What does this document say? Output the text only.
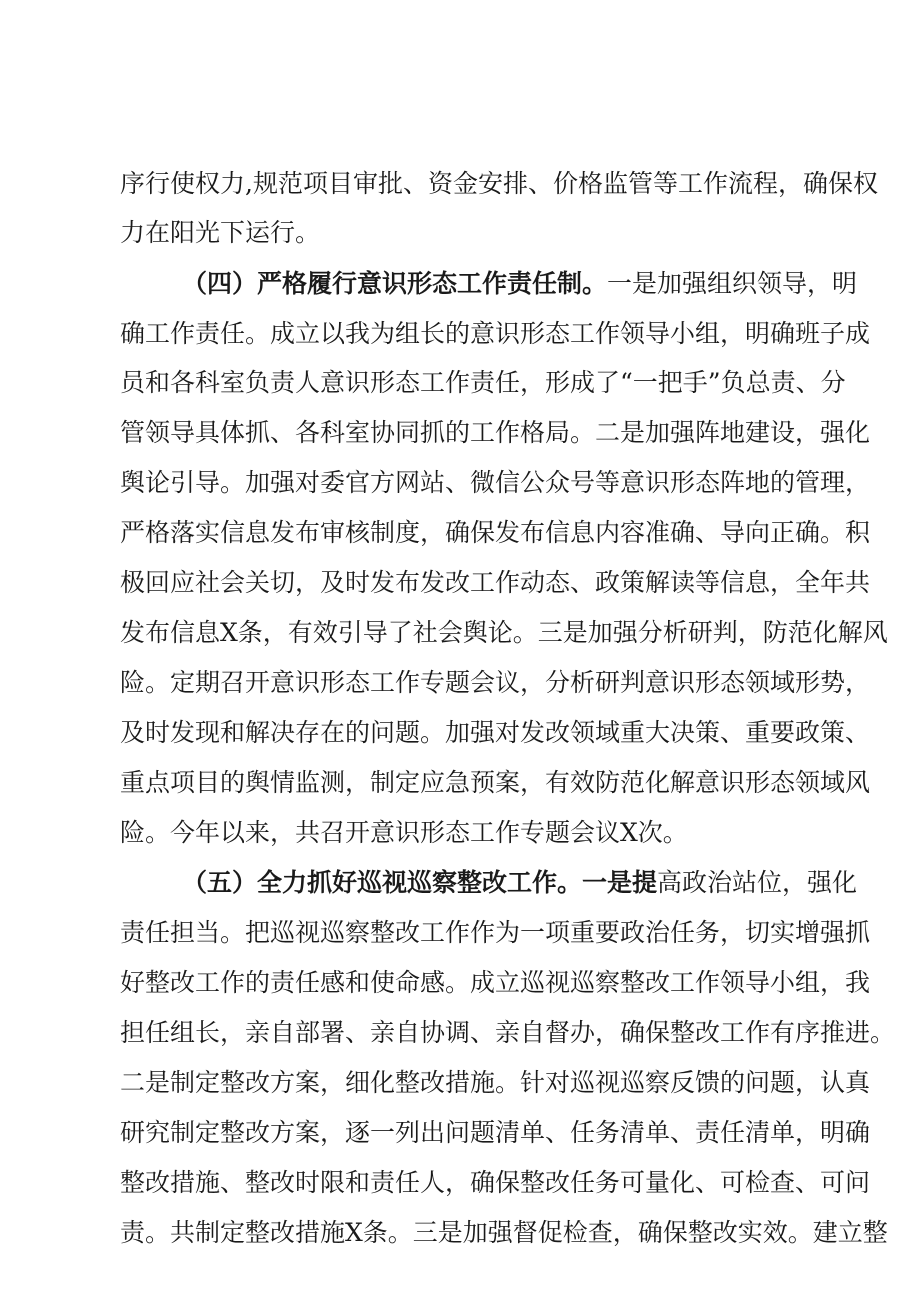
序行使权力,规范项目审批、资金安排、价格监管等工作流程，确保权
力在阳光下运行。
（四）严格履行意识形态工作责任制。一是加强组织领导，明
确工作责任。成立以我为组长的意识形态工作领导小组，明确班子成
员和各科室负责人意识形态工作责任，形成了“一把手”负总责、分
管领导具体抓、各科室协同抓的工作格局。二是加强阵地建设，强化
舆论引导。加强对委官方网站、微信公众号等意识形态阵地的管理，
严格落实信息发布审核制度，确保发布信息内容准确、导向正确。积
极回应社会关切，及时发布发改工作动态、政策解读等信息，全年共
发布信息X条，有效引导了社会舆论。三是加强分析研判，防范化解风
险。定期召开意识形态工作专题会议，分析研判意识形态领域形势，
及时发现和解决存在的问题。加强对发改领域重大决策、重要政策、
重点项目的舆情监测，制定应急预案，有效防范化解意识形态领域风
险。今年以来，共召开意识形态工作专题会议X次。
（五）全力抓好巡视巡察整改工作。一是提高政治站位，强化
责任担当。把巡视巡察整改工作作为一项重要政治任务，切实增强抓
好整改工作的责任感和使命感。成立巡视巡察整改工作领导小组，我
担任组长，亲自部署、亲自协调、亲自督办，确保整改工作有序推进。
二是制定整改方案，细化整改措施。针对巡视巡察反馈的问题，认真
研究制定整改方案，逐一列出问题清单、任务清单、责任清单，明确
整改措施、整改时限和责任人，确保整改任务可量化、可检查、可问
责。共制定整改措施X条。三是加强督促检查，确保整改实效。建立整
